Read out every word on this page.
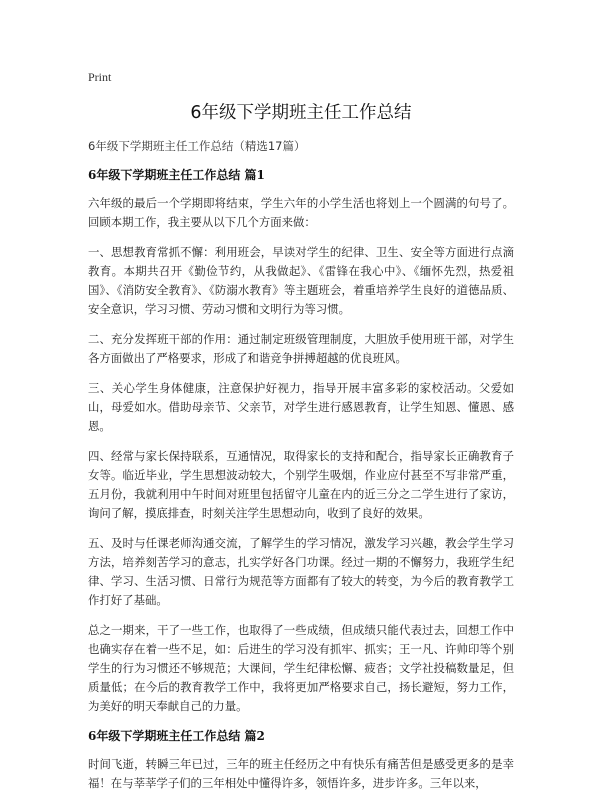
Print
6年级下学期班主任工作总结
6年级下学期班主任工作总结（精选17篇）
6年级下学期班主任工作总结 篇1

六年级的最后一个学期即将结束，学生六年的小学生活也将划上一个圆满的句号了。回顾本期工作，我主要从以下几个方面来做：

一、思想教育常抓不懈：利用班会，早读对学生的纪律、卫生、安全等方面进行点滴教育。本期共召开《勤俭节约，从我做起》、《雷锋在我心中》、《缅怀先烈，热爱祖国》、《消防安全教育》、《防溺水教育》等主题班会，着重培养学生良好的道德品质、安全意识，学习习惯、劳动习惯和文明行为等习惯。

二、充分发挥班干部的作用：通过制定班级管理制度，大胆放手使用班干部，对学生各方面做出了严格要求，形成了和谐竞争拼搏超越的优良班风。

三、关心学生身体健康，注意保护好视力，指导开展丰富多彩的家校活动。父爱如山，母爱如水。借助母亲节、父亲节，对学生进行感恩教育，让学生知恩、懂恩、感恩。

四、经常与家长保持联系，互通情况，取得家长的支持和配合，指导家长正确教育子女等。临近毕业，学生思想波动较大，个别学生吸烟，作业应付甚至不写非常严重，五月份，我就利用中午时间对班里包括留守儿童在内的近三分之二学生进行了家访，询问了解，摸底排查，时刻关注学生思想动向，收到了良好的效果。

五、及时与任课老师沟通交流，了解学生的学习情况，激发学习兴趣，教会学生学习方法，培养刻苦学习的意志，扎实学好各门功课。经过一期的不懈努力，我班学生纪律、学习、生活习惯、日常行为规范等方面都有了较大的转变，为今后的教育教学工作打好了基础。

总之一期来，干了一些工作，也取得了一些成绩，但成绩只能代表过去，回想工作中也确实存在着一些不足，如：后进生的学习没有抓牢、抓实；王一凡、许帅印等个别学生的行为习惯还不够规范；大课间，学生纪律松懈、疲沓；文学社投稿数量足，但质量低；在今后的教育教学工作中，我将更加严格要求自己，扬长避短，努力工作，为美好的明天奉献自己的力量。

6年级下学期班主任工作总结 篇2

时间飞逝，转瞬三年已过，三年的班主任经历之中有快乐有痛苦但是感受更多的是幸福！在与莘莘学子们的三年相处中懂得许多，领悟许多，进步许多。三年以来，
